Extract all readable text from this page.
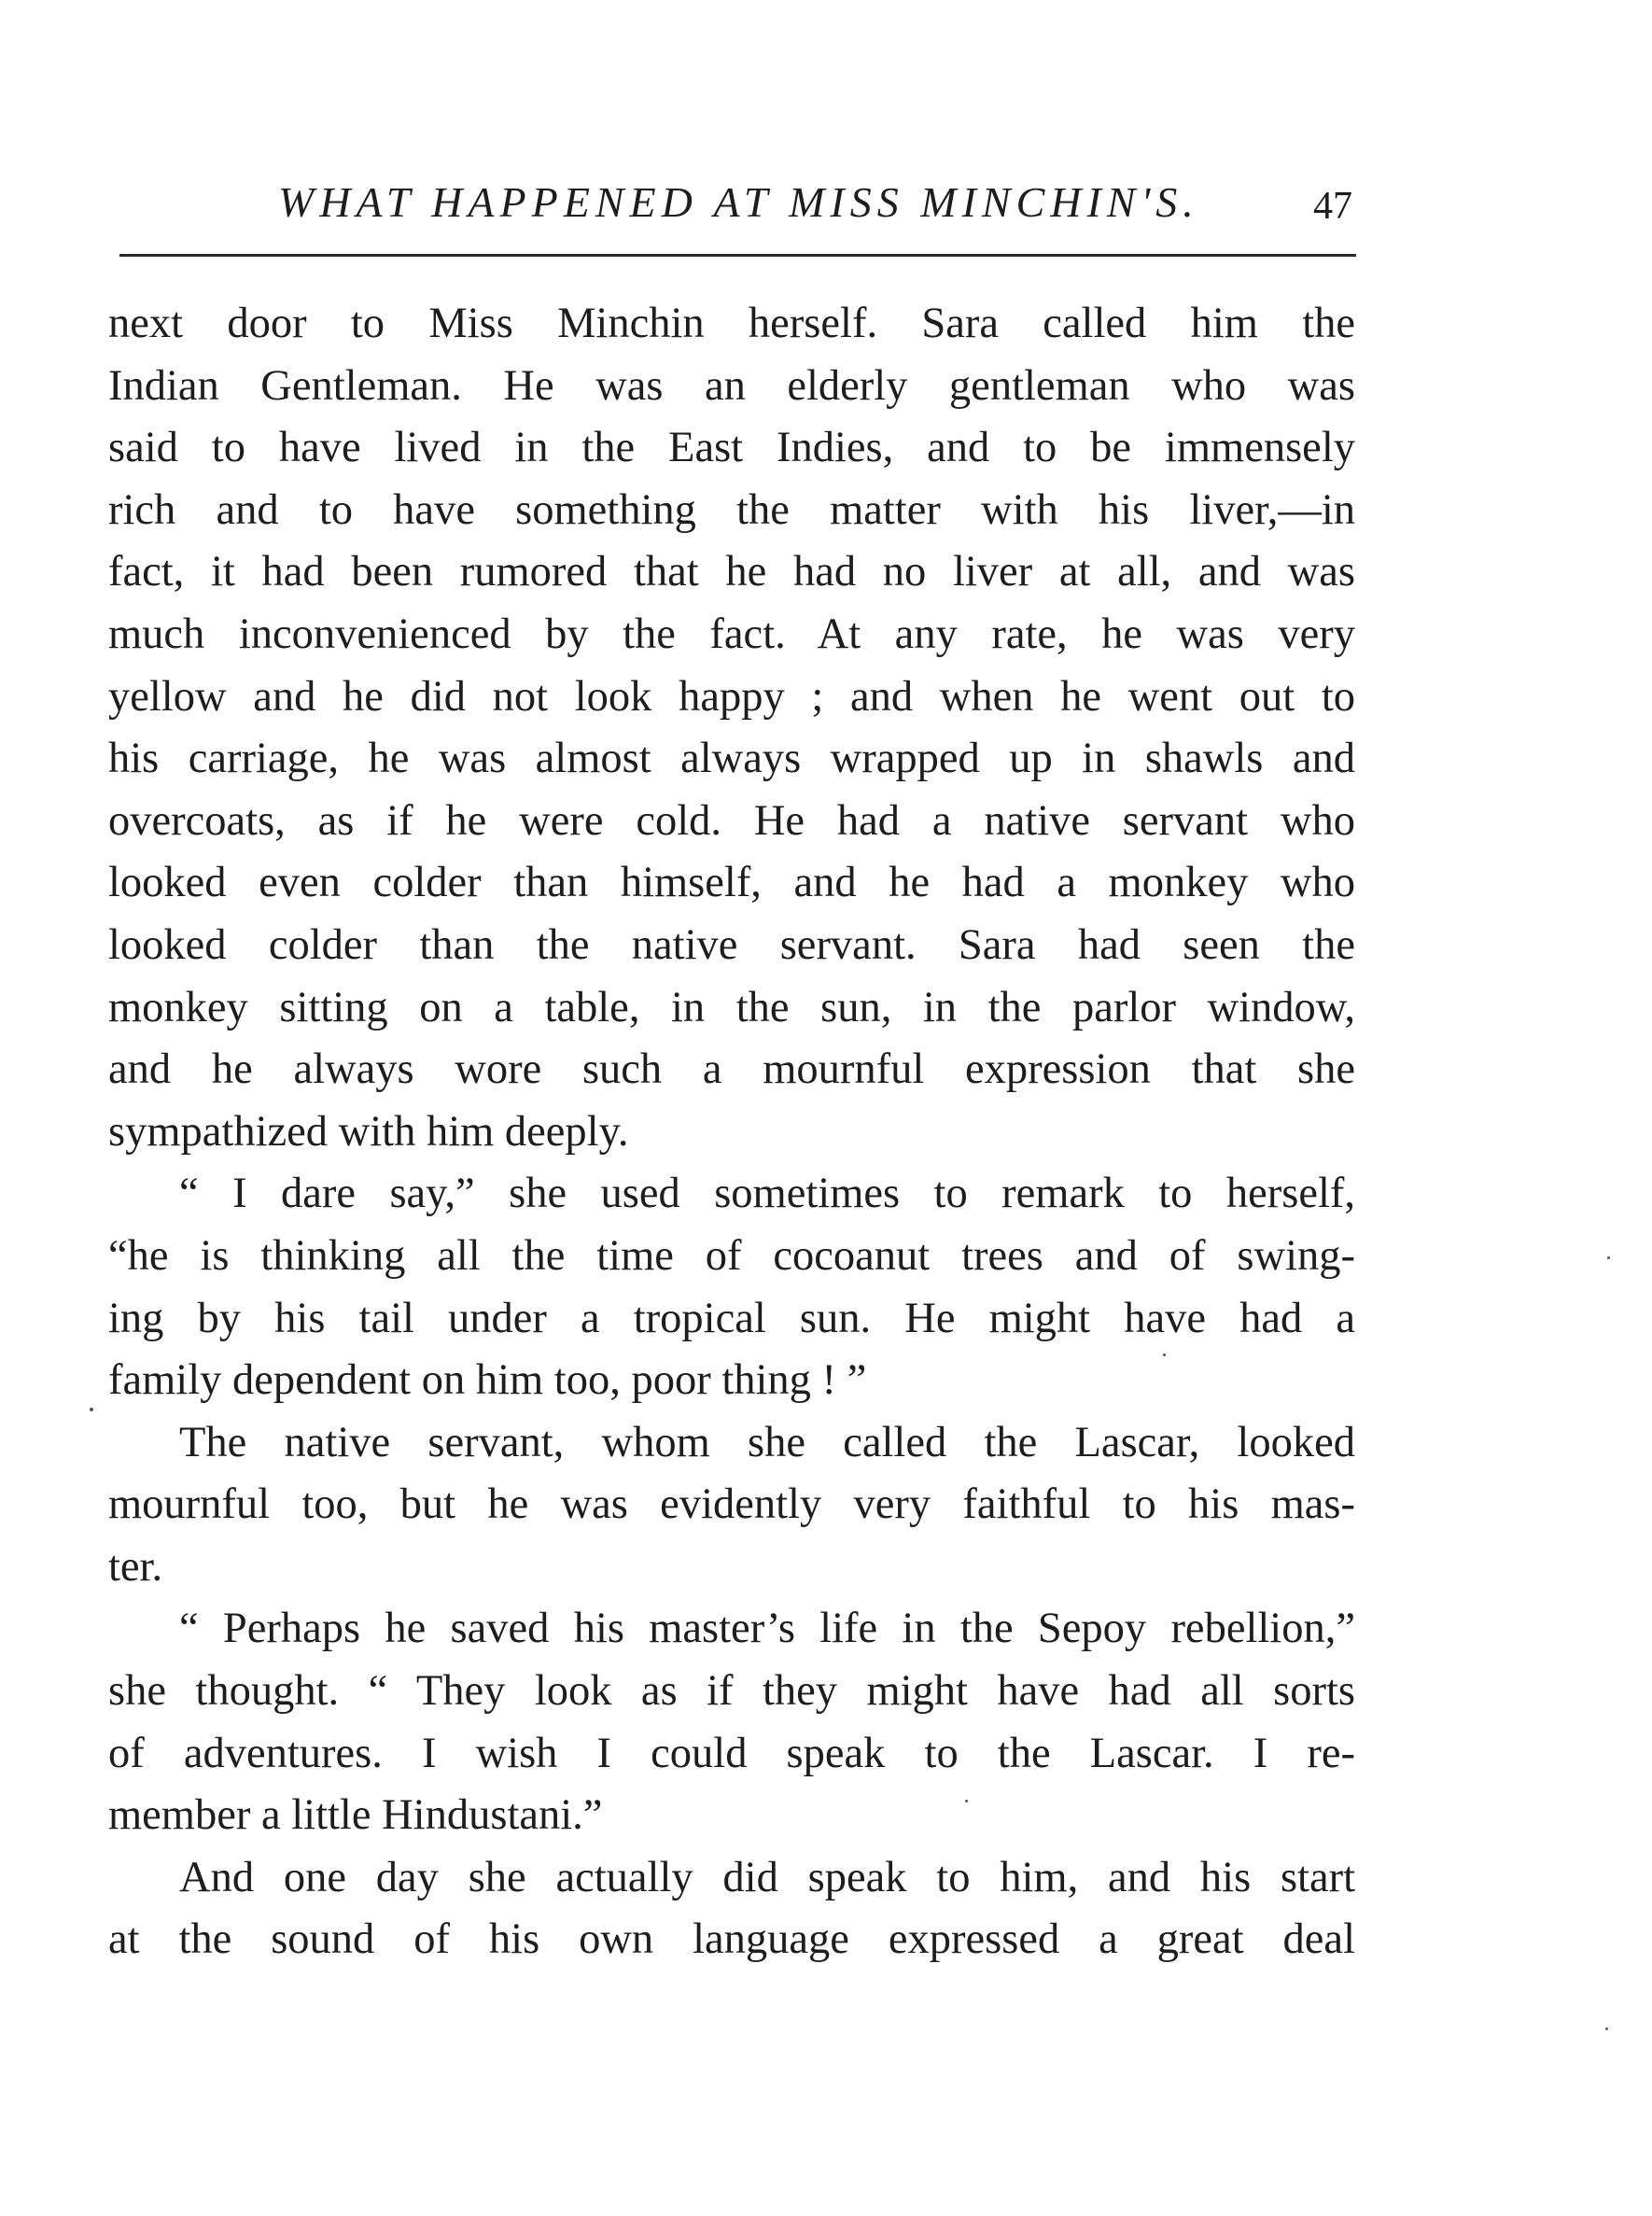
WHAT HAPPENED AT MISS MINCHIN'S.	47
next door to Miss Minchin herself. Sara called him the
Indian Gentleman. He was an elderly gentleman who was
said to have lived in the East Indies, and to be immensely
rich and to have something the matter with his liver,—in
fact, it had been rumored that he had no liver at all, and was
much inconvenienced by the fact. At any rate, he was very
yellow and he did not look happy ; and when he went out to
his carriage, he was almost always wrapped up in shawls and
overcoats, as if he were cold. He had a native servant who
looked even colder than himself, and he had a monkey who
looked colder than the native servant. Sara had seen the
monkey sitting on a table, in the sun, in the parlor window,
and he always wore such a mournful expression that she
sympathized with him deeply.
“ I dare say,” she used sometimes to remark to herself,
“he is thinking all the time of cocoanut trees and of swing-
ing by his tail under a tropical sun. He might have had a
family dependent on him too, poor thing ! ”
The native servant, whom she called the Lascar, looked
mournful too, but he was evidently very faithful to his mas-
ter.
“ Perhaps he saved his master’s life in the Sepoy rebellion,”
she thought. “ They look as if they might have had all sorts
of adventures. I wish I could speak to the Lascar. I re-
member a little Hindustani.”
And one day she actually did speak to him, and his start
at the sound of his own language expressed a great deal
